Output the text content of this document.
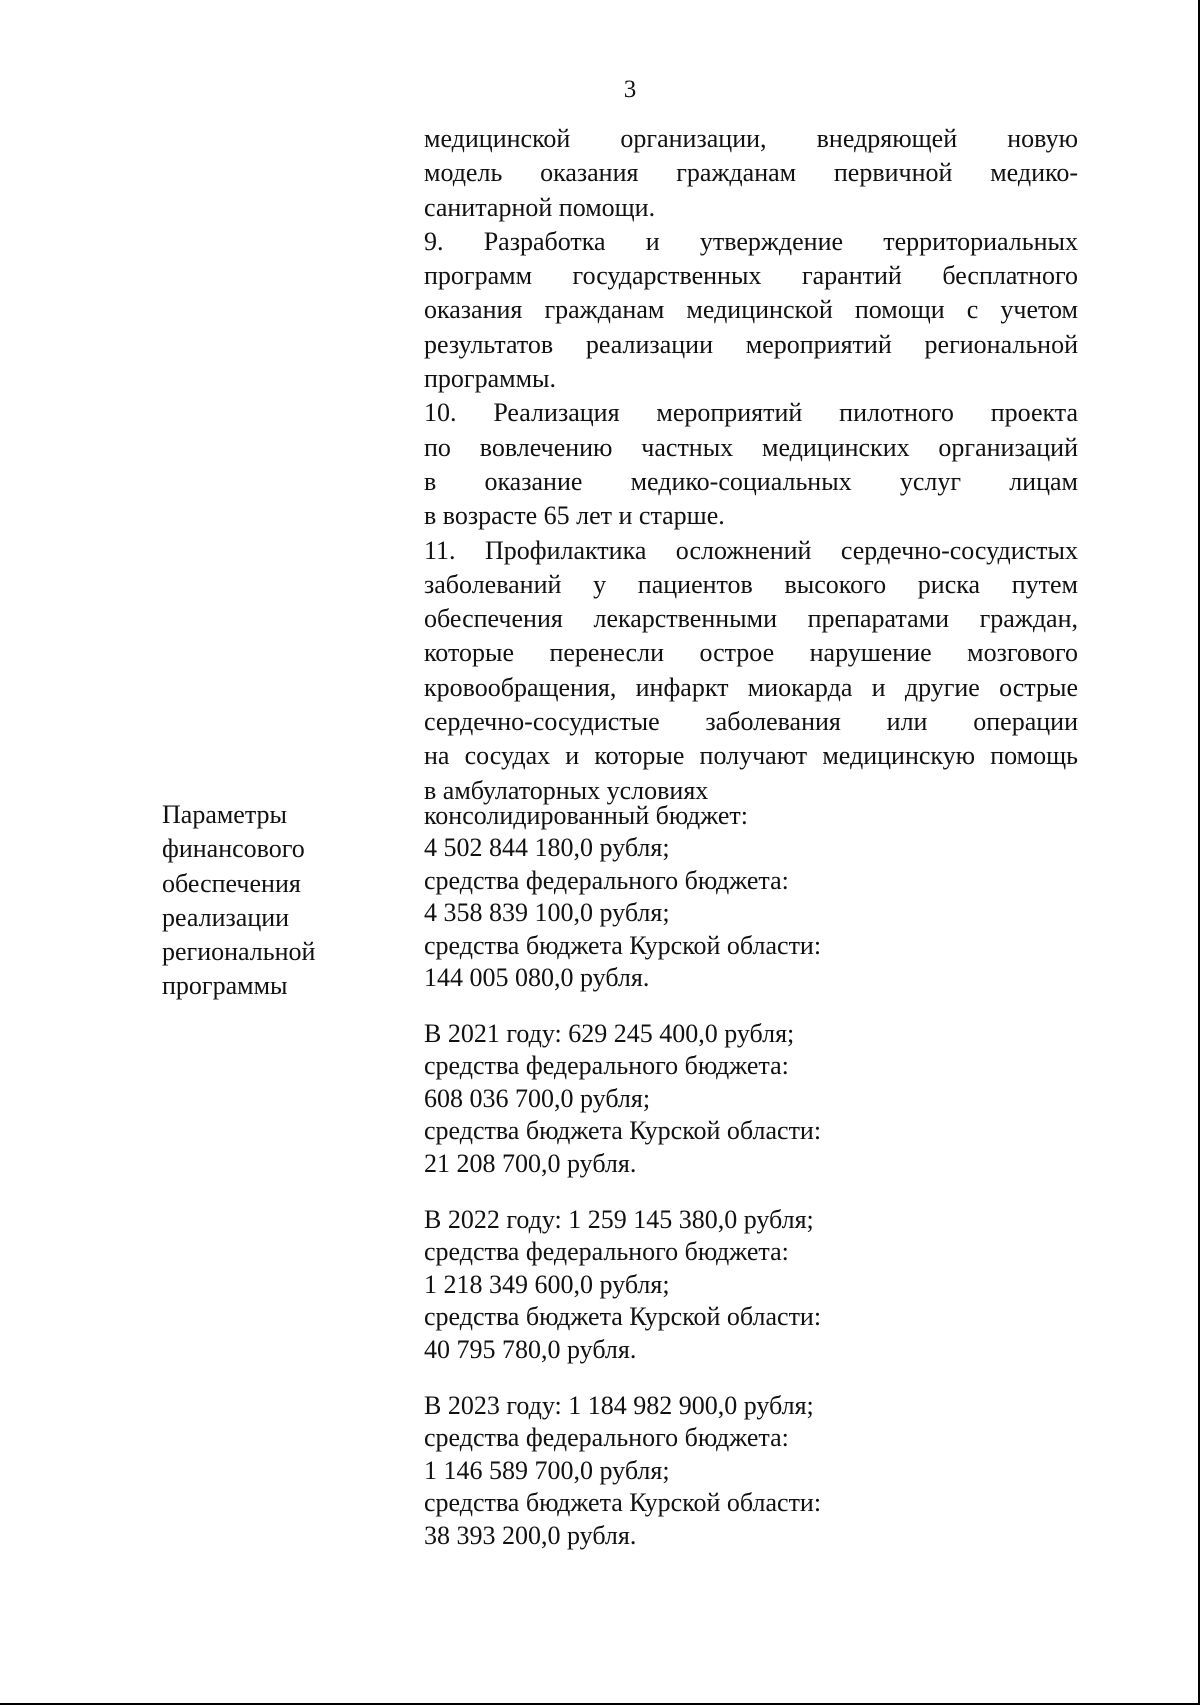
3

медицинской организации, внедряющей новую

модель оказания гражданам первичной медико-

санитарной помощи.

9. Разработка и утверждение территориальных

программ государственных гарантий бесплатного

оказания гражданам медицинской помощи с учетом

результатов реализации мероприятий региональной

программы.

10. Реализация мероприятий пилотного проекта

по вовлечению частных медицинских организаций

в оказание медико-социальных услуг лицам

в возрасте 65 лет и старше.

11. Профилактика осложнений сердечно-сосудистых

заболеваний у пациентов высокого риска путем

обеспечения лекарственными препаратами граждан,

которые перенесли острое нарушение мозгового

кровообращения, инфаркт миокарда и другие острые

сердечно-сосудистые заболевания или операции

на сосудах и которые получают медицинскую помощь

в амбулаторных условиях

Параметры
финансового
обеспечения
реализации
региональной
программы
консолидированный бюджет:
4 502 844 180,0 рубля;
средства федерального бюджета:
4 358 839 100,0 рубля;
средства бюджета Курской области:
144 005 080,0 рубля.
В 2021 году: 629 245 400,0 рубля;
средства федерального бюджета:
608 036 700,0 рубля;
средства бюджета Курской области:
21 208 700,0 рубля.
В 2022 году: 1 259 145 380,0 рубля;
средства федерального бюджета:
1 218 349 600,0 рубля;
средства бюджета Курской области:
40 795 780,0 рубля.
В 2023 году: 1 184 982 900,0 рубля;
средства федерального бюджета:
1 146 589 700,0 рубля;
средства бюджета Курской области:
38 393 200,0 рубля.
